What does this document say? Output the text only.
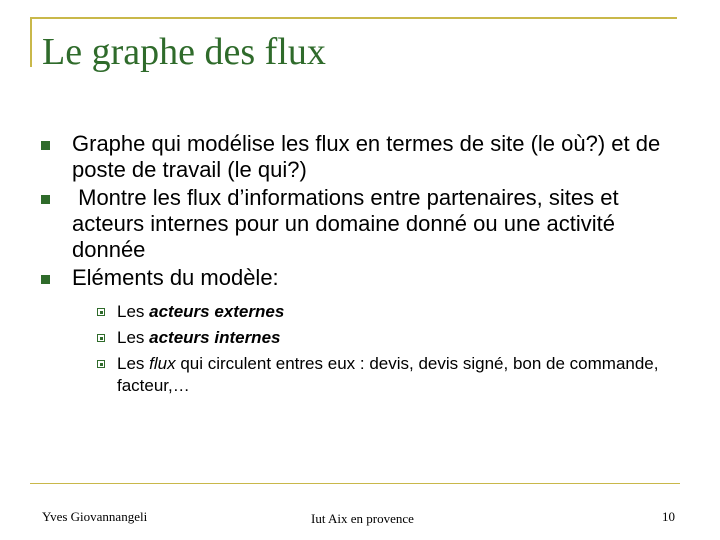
Le graphe des flux
Graphe qui modélise les flux en termes de site (le où?) et de poste de travail (le qui?)
Montre les flux d’informations entre partenaires, sites et acteurs internes pour un domaine donné ou une activité donnée
Eléments du modèle:
Les acteurs externes
Les acteurs internes
Les flux qui circulent entres eux : devis, devis signé, bon de commande, facteur,…
Yves Giovannangeli	Iut Aix en provence	10
